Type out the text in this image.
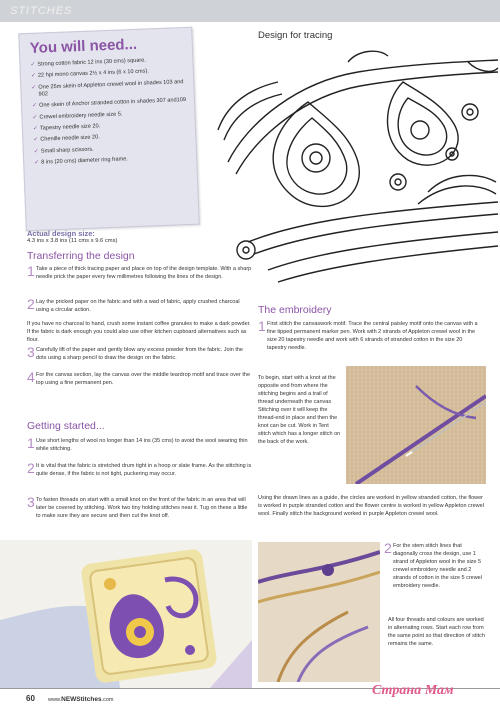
STITCHES
You will need...
✓ Strong cotton fabric 12 ins (30 cms) square.
✓ 22 hpi mono canvas 2½ x 4 ins (6 x 10 cms).
✓ One 25m skein of Appleton crewel wool in shades 103 and 902
✓ One skein of Anchor stranded cotton in shades 307 and109
✓ Crewel embroidery needle size 5.
✓ Tapestry needle size 20.
✓ Chenille needle size 20.
✓ Small sharp scissors.
✓ 8 ins (20 cms) diameter ring frame.
Design for tracing
Actual design size:
4.3 ins x 3.8 ins (11 cms x 9.6 cms)
Transferring the design
1 Take a piece of thick tracing paper and place on top of the design template. With a sharp needle prick the paper every few millimetres following the lines of the design.
2 Lay the pricked paper on the fabric and with a wad of fabric, apply crushed charcoal using a circular action.
If you have no charcoal to hand, crush some instant coffee granules to make a dark powder. If the fabric is dark enough you could also use other kitchen cupboard alternatives such as flour.
3 Carefully lift of the paper and gently blow any excess powder from the fabric. Join the dots using a sharp pencil to draw the design on the fabric.
4 For the canvas section, lay the canvas over the middle teardrop motif and trace over the top using a fine permanent pen.
Getting started...
1 Use short lengths of wool no longer than 14 ins (35 cms) to avoid the wool wearing thin while stitching.
2 It is vital that the fabric is stretched drum tight in a hoop or slate frame. As the stitching is quite dense, if the fabric is not tight, puckering may occur.
3 To fasten threads on start with a small knot on the front of the fabric in an area that will later be covered by stitching. Work two tiny holding stitches near it. Tug on these a little to make sure they are secure and then cut the knot off.
The embroidery
1 First stitch the canvaswork motif. Trace the central paisley motif onto the canvas with a fine tipped permanent marker pen. Work with 2 strands of Appleton crewel wool in the size 20 tapestry needle and work with 6 strands of stranded cotton in the size 20 tapestry needle.
To begin, start with a knot at the opposite end from where the stitching begins and a trail of thread underneath the canvas Stitching over it will keep the thread-end in place and then the knot can be cut. Work in Tent stitch which has a longer stitch on the back of the work.
Using the drawn lines as a guide, the circles are worked in yellow stranded cotton, the flower is worked in purple stranded cotton and the flower centre is worked in yellow Appleton crewel wool. Finally stitch the background worked in purple Appleton crewel wool.
2 For the stem stitch lines that diagonally cross the design, use 1 strand of Appleton wool in the size 5 crewel embroidery needle and 2 strands of cotton in the size 5 crewel embroidery needle.
All four threads and colours are worked in alternating rows. Start each row from the same point so that direction of stitch remains the same.
60 www.NEWStitches.com
Страна Мам
